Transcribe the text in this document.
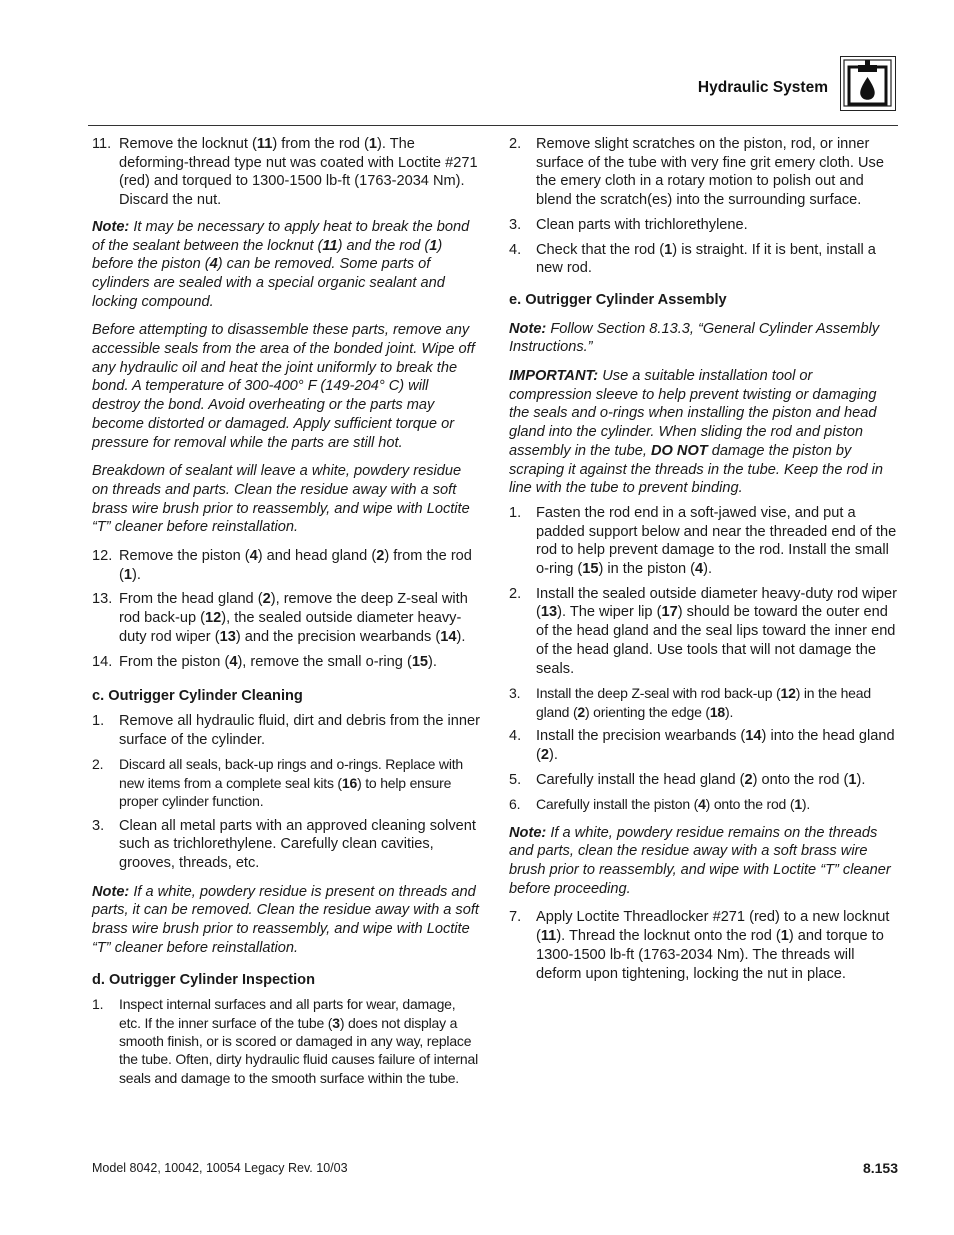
Hydraulic System

11. Remove the locknut (11) from the rod (1). The deforming-thread type nut was coated with Loctite #271 (red) and torqued to 1300-1500 lb-ft (1763-2034 Nm). Discard the nut.

Note: It may be necessary to apply heat to break the bond of the sealant between the locknut (11) and the rod (1) before the piston (4) can be removed. Some parts of cylinders are sealed with a special organic sealant and locking compound.

Before attempting to disassemble these parts, remove any accessible seals from the area of the bonded joint. Wipe off any hydraulic oil and heat the joint uniformly to break the bond. A temperature of 300-400° F (149-204° C) will destroy the bond. Avoid overheating or the parts may become distorted or damaged. Apply sufficient torque or pressure for removal while the parts are still hot.

Breakdown of sealant will leave a white, powdery residue on threads and parts. Clean the residue away with a soft brass wire brush prior to reassembly, and wipe with Loctite “T” cleaner before reinstallation.

12. Remove the piston (4) and head gland (2) from the rod (1).

13. From the head gland (2), remove the deep Z-seal with rod back-up (12), the sealed outside diameter heavy-duty rod wiper (13) and the precision wearbands (14).

14. From the piston (4), remove the small o-ring (15).

c. Outrigger Cylinder Cleaning

1. Remove all hydraulic fluid, dirt and debris from the inner surface of the cylinder.

2. Discard all seals, back-up rings and o-rings. Replace with new items from a complete seal kits (16) to help ensure proper cylinder function.

3. Clean all metal parts with an approved cleaning solvent such as trichlorethylene. Carefully clean cavities, grooves, threads, etc.

Note: If a white, powdery residue is present on threads and parts, it can be removed. Clean the residue away with a soft brass wire brush prior to reassembly, and wipe with Loctite “T” cleaner before reinstallation.

d. Outrigger Cylinder Inspection

1. Inspect internal surfaces and all parts for wear, damage, etc. If the inner surface of the tube (3) does not display a smooth finish, or is scored or damaged in any way, replace the tube. Often, dirty hydraulic fluid causes failure of internal seals and damage to the smooth surface within the tube.

2. Remove slight scratches on the piston, rod, or inner surface of the tube with very fine grit emery cloth. Use the emery cloth in a rotary motion to polish out and blend the scratch(es) into the surrounding surface.

3. Clean parts with trichlorethylene.

4. Check that the rod (1) is straight. If it is bent, install a new rod.

e. Outrigger Cylinder Assembly

Note: Follow Section 8.13.3, “General Cylinder Assembly Instructions.”

IMPORTANT: Use a suitable installation tool or compression sleeve to help prevent twisting or damaging the seals and o-rings when installing the piston and head gland into the cylinder. When sliding the rod and piston assembly in the tube, DO NOT damage the piston by scraping it against the threads in the tube. Keep the rod in line with the tube to prevent binding.

1. Fasten the rod end in a soft-jawed vise, and put a padded support below and near the threaded end of the rod to help prevent damage to the rod. Install the small o-ring (15) in the piston (4).

2. Install the sealed outside diameter heavy-duty rod wiper (13). The wiper lip (17) should be toward the outer end of the head gland and the seal lips toward the inner end of the head gland. Use tools that will not damage the seals.

3. Install the deep Z-seal with rod back-up (12) in the head gland (2) orienting the edge (18).

4. Install the precision wearbands (14) into the head gland (2).

5. Carefully install the head gland (2) onto the rod (1).

6. Carefully install the piston (4) onto the rod (1).

Note: If a white, powdery residue remains on the threads and parts, clean the residue away with a soft brass wire brush prior to reassembly, and wipe with Loctite “T” cleaner before proceeding.

7. Apply Loctite Threadlocker #271 (red) to a new locknut (11). Thread the locknut onto the rod (1) and torque to 1300-1500 lb-ft (1763-2034 Nm). The threads will deform upon tightening, locking the nut in place.

Model 8042, 10042, 10054 Legacy Rev. 10/03	8.153
